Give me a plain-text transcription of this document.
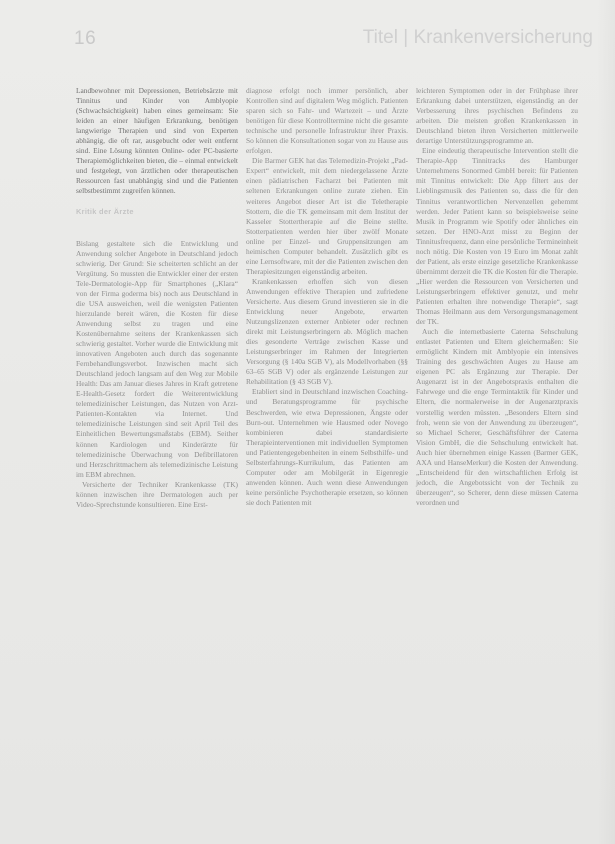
16	Titel | Krankenversicherung

Landbewohner mit Depressionen, Betriebsärzte mit Tinnitus und Kinder von Amblyopie (Schwachsichtigkeit) haben eines gemeinsam: Sie leiden an einer häufigen Erkrankung, benötigen langwierige Therapien und sind von Experten abhängig, die oft rar, ausgebucht oder weit entfernt sind. Eine Lösung könnten Online- oder PC-basierte Therapiemöglichkeiten bieten, die – einmal entwickelt und festgelegt, von ärztlichen oder therapeutischen Ressourcen fast unabhängig sind und die Patienten selbstbestimmt zugreifen können.

Kritik der Ärzte

Bislang gestaltete sich die Entwicklung und Anwendung solcher Angebote in Deutschland jedoch schwierig. Der Grund: Sie scheiterten schlicht an der Vergütung. So mussten die Entwickler einer der ersten Tele-Dermatologie-App für Smartphones („Klara“ von der Firma goderma bis) noch aus Deutschland in die USA ausweichen, weil die wenigsten Patienten hierzulande bereit wären, die Kosten für diese Anwendung selbst zu tragen und eine Kostenübernahme seitens der Krankenkassen sich schwierig gestaltet. Vorher wurde die Entwicklung mit innovativen Angeboten auch durch das sogenannte Fernbehandlungsverbot. Inzwischen macht sich Deutschland jedoch langsam auf den Weg zur Mobile Health: Das am Januar dieses Jahres in Kraft getretene E-Health-Gesetz fordert die Weiterentwicklung telemedizinischer Leistungen, das Nutzen von Arzt-Patienten-Kontakten via Internet. Und telemedizinische Leistungen sind seit April Teil des Einheitlichen Bewertungsmaßstabs (EBM). Seither können Kardiologen und Kinderärzte für telemedizinische Überwachung von Defibrillatoren und Herzschrittmachern als telemedizinische Leistung im EBM abrechnen.

Versicherte der Techniker Krankenkasse (TK) können inzwischen ihre Dermatologen auch per Video-Sprechstunde konsultieren. Eine Erst-

diagnose erfolgt noch immer persönlich, aber Kontrollen sind auf digitalem Weg möglich. Patienten sparen sich so Fahr- und Wartezeit – und Ärzte benötigen für diese Kontrolltermine nicht die gesamte technische und personelle Infrastruktur ihrer Praxis. So können die Konsultationen sogar von zu Hause aus erfolgen.

Die Barmer GEK hat das Telemedizin-Projekt „Pad-Expert“ entwickelt, mit dem niedergelassene Ärzte einen pädiatrischen Facharzt bei Patienten mit seltenen Erkrankungen online zurate ziehen. Ein weiteres Angebot dieser Art ist die Teletherapie Stottern, die die TK gemeinsam mit dem Institut der Kasseler Stottertherapie auf die Beine stellte. Stotterpatienten werden hier über zwölf Monate online per Einzel- und Gruppensitzungen am heimischen Computer behandelt. Zusätzlich gibt es eine Lernsoftware, mit der die Patienten zwischen den Therapiesitzungen eigenständig arbeiten.

Krankenkassen erhoffen sich von diesen Anwendungen effektive Therapien und zufriedene Versicherte. Aus diesem Grund investieren sie in die Entwicklung neuer Angebote, erwarten Nutzungslizenzen externer Anbieter oder rechnen direkt mit Leistungserbringern ab. Möglich machen dies gesonderte Verträge zwischen Kasse und Leistungserbringer im Rahmen der Integrierten Versorgung (§ 140a SGB V), als Modellvorhaben (§§ 63–65 SGB V) oder als ergänzende Leistungen zur Rehabilitation (§ 43 SGB V).

Etabliert sind in Deutschland inzwischen Coaching- und Beratungsprogramme für psychische Beschwerden, wie etwa Depressionen, Ängste oder Burn-out. Unternehmen wie Hausmed oder Novego kombinieren dabei standardisierte Therapieinterventionen mit individuellen Symptomen und Patientengegebenheiten in einem Selbsthilfe- und Selbsterfahrungs-Kurrikulum, das Patienten am Computer oder am Mobilgerät in Eigenregie anwenden können. Auch wenn diese Anwendungen keine persönliche Psychotherapie ersetzen, so können sie doch Patienten mit

leichteren Symptomen oder in der Frühphase ihrer Erkrankung dabei unterstützen, eigenständig an der Verbesserung ihres psychischen Befindens zu arbeiten. Die meisten großen Krankenkassen in Deutschland bieten ihren Versicherten mittlerweile derartige Unterstützungsprogramme an.

Eine eindeutig therapeutische Intervention stellt die Therapie-App Tinnitracks des Hamburger Unternehmens Sonormed GmbH bereit: für Patienten mit Tinnitus entwickelt: Die App filtert aus der Lieblingsmusik des Patienten so, dass die für den Tinnitus verantwortlichen Nervenzellen gehemmt werden. Jeder Patient kann so beispielsweise seine Musik in Programm wie Spotify oder ähnliches ein setzen. Der HNO-Arzt misst zu Beginn der Tinnitusfrequenz, dann eine persönliche Termineinheit noch nötig. Die Kosten von 19 Euro im Monat zahlt der Patient, als erste einzige gesetzliche Krankenkasse übernimmt derzeit die TK die Kosten für die Therapie. „Hier werden die Ressourcen von Versicherten und Leistungserbringern effektiver genutzt, und mehr Patienten erhalten ihre notwendige Therapie“, sagt Thomas Heilmann aus dem Versorgungsmanagement der TK.

Auch die internetbasierte Caterna Sehschulung entlastet Patienten und Eltern gleichermaßen: Sie ermöglicht Kindern mit Amblyopie ein intensives Training des geschwächten Auges zu Hause am eigenen PC als Ergänzung zur Therapie. Der Augenarzt ist in der Angebotspraxis enthalten die Fahrwege und die enge Termintaktik für Kinder und Eltern, die normalerweise in der Augenarztpraxis vorstellig werden müssten. „Besonders Eltern sind froh, wenn sie von der Anwendung zu überzeugen“, so Michael Scherer, Geschäftsführer der Caterna Vision GmbH, die die Sehschulung entwickelt hat. Auch hier übernehmen einige Kassen (Barmer GEK, AXA und HanseMerkur) die Kosten der Anwendung. „Entscheidend für den wirtschaftlichen Erfolg ist jedoch, die Angebotssicht von der Technik zu überzeugen“, so Scherer, denn diese müssen Caterna verordnen und
